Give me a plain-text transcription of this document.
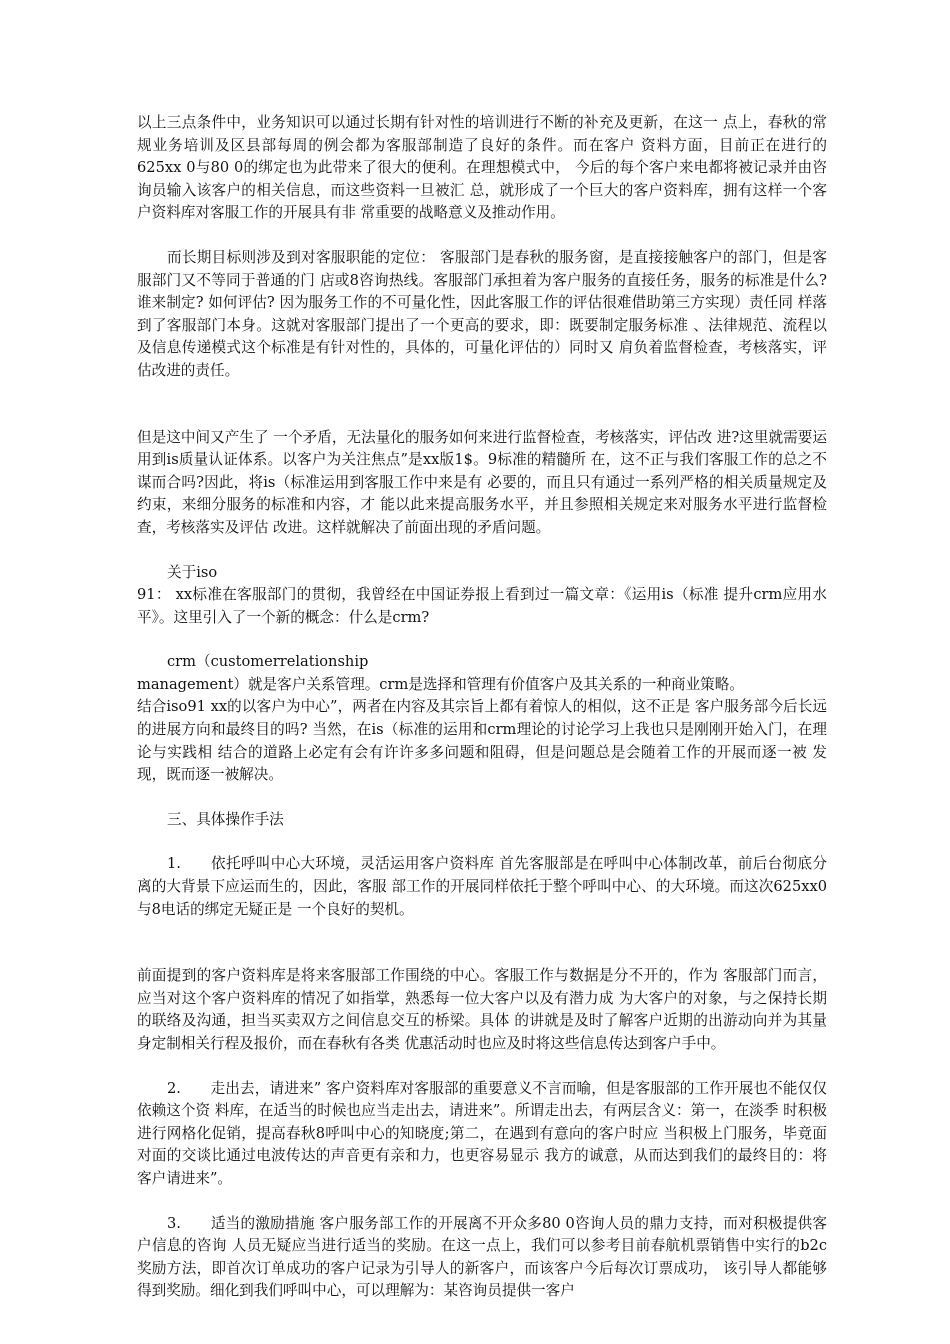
以上三点条件中，业务知识可以通过长期有针对性的培训进行不断的补充及更新，在这一 点上，春秋的常规业务培训及区县部每周的例会都为客服部制造了良好的条件。而在客户 资料方面，目前正在进行的625xx 0与80 0的绑定也为此带来了很大的便利。在理想模式中， 今后的每个客户来电都将被记录并由咨询员输入该客户的相关信息，而这些资料一旦被汇 总，就形成了一个巨大的客户资料库，拥有这样一个客户资料库对客服工作的开展具有非 常重要的战略意义及推动作用。

而长期目标则涉及到对客服职能的定位： 客服部门是春秋的服务窗，是直接接触客户的部门，但是客服部门又不等同于普通的门 店或8咨询热线。客服部门承担着为客户服务的直接任务，服务的标准是什么?谁来制定? 如何评估? 因为服务工作的不可量化性，因此客服工作的评估很难借助第三方实现）责任同 样落到了客服部门本身。这就对客服部门提出了一个更高的要求，即：既要制定服务标准 、法律规范、流程以及信息传递模式这个标准是有针对性的，具体的，可量化评估的）同时又 肩负着监督检查，考核落实，评估改进的责任。

但是这中间又产生了 一个矛盾，无法量化的服务如何来进行监督检查，考核落实，评估改 进?这里就需要运用到is质量认证体系。以客户为关注焦点”是xx版1$。9标准的精髓所 在，这不正与我们客服工作的总之不谋而合吗?因此，将is（标准运用到客服工作中来是有 必要的，而且只有通过一系列严格的相关质量规定及约束，来细分服务的标准和内容，才 能以此来提高服务水平，并且参照相关规定来对服务水平进行监督检查，考核落实及评估 改进。这样就解决了前面出现的矛盾问题。

关于iso

91： xx标准在客服部门的贯彻，我曾经在中国证券报上看到过一篇文章：《运用is（标准 提升crm应用水平》。这里引入了一个新的概念：什么是crm?

crm（customerrelationship

management）就是客户关系管理。crm是选择和管理有价值客户及其关系的一种商业策略。

结合iso91 xx的以客户为中心”，两者在内容及其宗旨上都有着惊人的相似，这不正是 客户服务部今后长远的进展方向和最终目的吗? 当然，在is（标准的运用和crm理论的讨论学习上我也只是刚刚开始入门，在理论与实践相 结合的道路上必定有会有许许多多问题和阻碍，但是问题总是会随着工作的开展而逐一被 发现，既而逐一被解决。

三、具体操作手法

1.　　依托呼叫中心大环境，灵活运用客户资料库 首先客服部是在呼叫中心体制改革，前后台彻底分离的大背景下应运而生的，因此，客服 部工作的开展同样依托于整个呼叫中心、的大环境。而这次625xx0与8电话的绑定无疑正是 一个良好的契机。

前面提到的客户资料库是将来客服部工作围绕的中心。客服工作与数据是分不开的，作为 客服部门而言，应当对这个客户资料库的情况了如指掌，熟悉每一位大客户以及有潜力成 为大客户的对象，与之保持长期的联络及沟通，担当买卖双方之间信息交互的桥梁。具体 的讲就是及时了解客户近期的出游动向并为其量身定制相关行程及报价，而在春秋有各类 优惠活动时也应及时将这些信息传达到客户手中。

2.　　走出去，请进来” 客户资料库对客服部的重要意义不言而喻，但是客服部的工作开展也不能仅仅依赖这个资 料库，在适当的时候也应当走出去，请进来”。所谓走出去，有两层含义：第一，在淡季 时积极进行网格化促销，提高春秋8呼叫中心的知晓度;第二，在遇到有意向的客户时应 当积极上门服务，毕竟面对面的交谈比通过电波传达的声音更有亲和力，也更容易显示 我方的诚意，从而达到我们的最终目的：将客户请进来”。

3.　　适当的激励措施 客户服务部工作的开展离不开众多80 0咨询人员的鼎力支持，而对积极提供客户信息的咨询 人员无疑应当进行适当的奖励。在这一点上，我们可以参考目前春航机票销售中实行的b2c 奖励方法，即首次订单成功的客户记录为引导人的新客户，而该客户今后每次订票成功， 该引导人都能够得到奖励。细化到我们呼叫中心，可以理解为：某咨询员提供一客户
